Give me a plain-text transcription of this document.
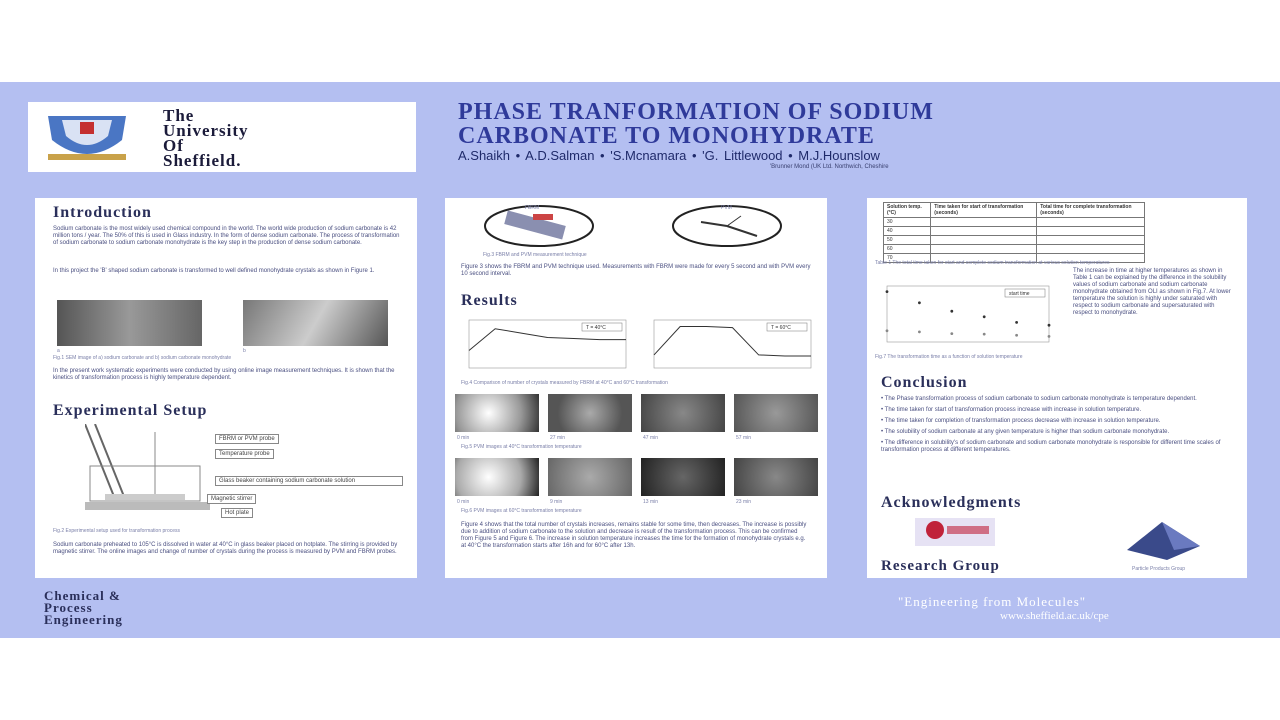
The
University
Of
Sheffield.
PHASE TRANFORMATION OF SODIUM
CARBONATE TO MONOHYDRATE
A.Shaikh • A.D.Salman • 'S.Mcnamara • 'G. Littlewood • M.J.Hounslow
'Brunner Mond (UK Ltd. Northwich, Cheshire
Introduction
Sodium carbonate is the most widely used chemical compound in the world. The world wide production of sodium carbonate is 42 million tons / year. The 50% of this is used in Glass industry. In the form of dense sodium carbonate. The process of transformation of sodium carbonate to sodium carbonate monohydrate is the key step in the production of dense sodium carbonate.
In this project the 'B' shaped sodium carbonate is transformed to well defined monohydrate crystals as shown in Figure 1.
a	b
Fig.1 SEM image of a) sodium carbonate and b) sodium carbonate monohydrate
In the present work systematic experiments were conducted by using online image measurement techniques. It is shown that the kinetics of transformation process is highly temperature dependent.
Experimental Setup
FBRM or PVM probe
Temperature probe
Glass beaker containing sodium carbonate solution
Magnetic stirrer
Hot plate
Fig.2 Experimental setup used for transformation process
Sodium carbonate preheated to 105°C is dissolved in water at 40°C in glass beaker placed on hotplate. The stirring is provided by magnetic stirrer. The online images and change of number of crystals during the process is measured by PVM and FBRM probes.
FBRM	PVM
Fig.3 FBRM and PVM measurement technique
Figure 3 shows the FBRM and PVM technique used. Measurements with FBRM were made for every 5 second and with PVM every 10 second interval.
Results
T = 40°C	T = 60°C
Fig.4 Comparison of number of crystals measured by FBRM at 40°C and 60°C transformation
0 min	27 min	47 min	57 min
Fig.5 PVM images at 40°C transformation temperature
0 min	9 min	13 min	23 min
Fig.6 PVM images at 60°C transformation temperature
Figure 4 shows that the total number of crystals increases, remains stable for some time, then decreases. The increase is possibly due to addition of sodium carbonate to the solution and decrease is result of the transformation process. This can be confirmed from Figure 5 and Figure 6. The increase in solution temperature increases the time for the formation of monohydrate crystals e.g. at 40°C the transformation starts after 16h and for 60°C after 13h.
Solution temp. (°C)	Time taken for start of transformation (seconds)	Total time for complete transformation (seconds)
30		
40		
50		
60		
70		
Table 1 The total time taken for start and complete sodium transformation at various solution temperatures
start time
Fig.7 The transformation time as a function of solution temperature
The increase in time at higher temperatures as shown in Table 1 can be explained by the difference in the solubility values of sodium carbonate and sodium carbonate monohydrate obtained from OLI as shown in Fig.7. At lower temperature the solution is highly under saturated with respect to sodium carbonate and supersaturated with respect to monohydrate.
Conclusion
• The Phase transformation process of sodium carbonate to sodium carbonate monohydrate is temperature dependent.
• The time taken for start of transformation process increase with increase in solution temperature.
• The time taken for completion of transformation process decrease with increase in solution temperature.
• The solubility of sodium carbonate at any given temperature is higher than sodium carbonate monohydrate.
• The difference in solubility's of sodium carbonate and sodium carbonate monohydrate is responsible for different time scales of transformation process at different temperatures.
Acknowledgments
Research Group	Particle Products Group
Chemical &
Process
Engineering
"Engineering from Molecules"
www.sheffield.ac.uk/cpe
